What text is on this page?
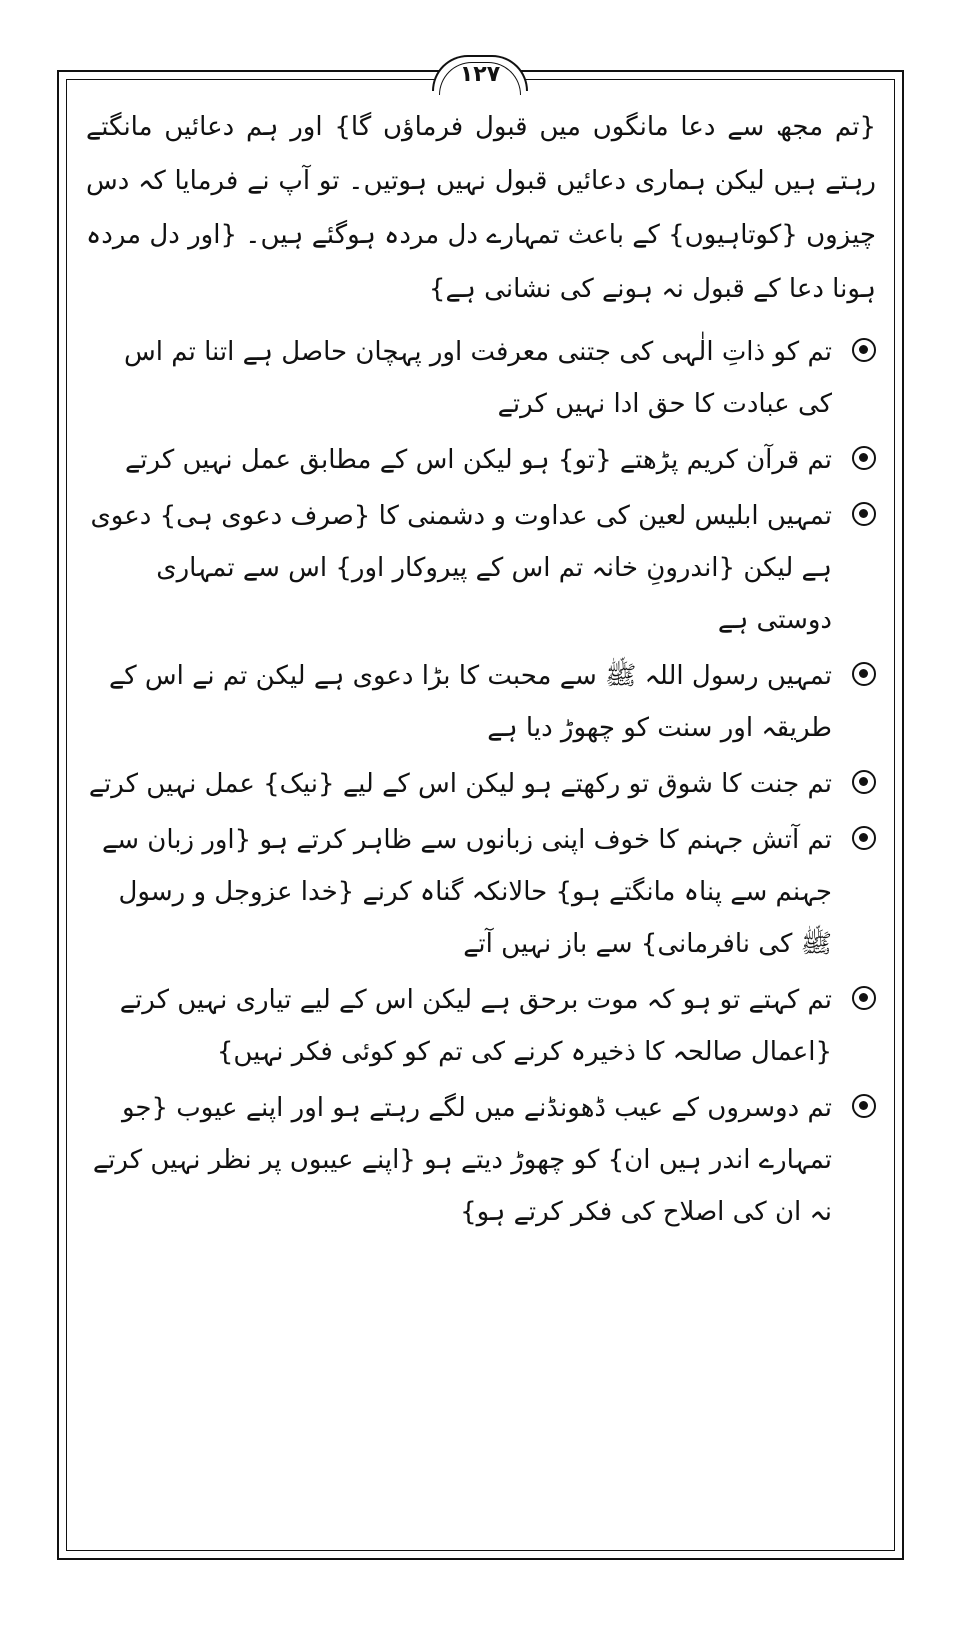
۱۲۷

{تم مجھ سے دعا مانگوں میں قبول فرماؤں گا} اور ہم دعائیں مانگتے رہتے ہیں لیکن ہماری دعائیں قبول نہیں ہوتیں۔ تو آپ نے فرمایا کہ دس چیزوں {کوتاہیوں} کے باعث تمہارے دل مردہ ہوگئے ہیں۔ {اور دل مردہ ہونا دعا کے قبول نہ ہونے کی نشانی ہے}

تم کو ذاتِ الٰہی کی جتنی معرفت اور پہچان حاصل ہے اتنا تم اس کی عبادت کا حق ادا نہیں کرتے
تم قرآن کریم پڑھتے {تو} ہو لیکن اس کے مطابق عمل نہیں کرتے
تمہیں ابلیس لعین کی عداوت و دشمنی کا {صرف دعوی ہی} دعوی ہے لیکن {اندرونِ خانہ تم اس کے پیروکار اور} اس سے تمہاری دوستی ہے
تمہیں رسول اللہ ﷺ سے محبت کا بڑا دعوی ہے لیکن تم نے اس کے طریقہ اور سنت کو چھوڑ دیا ہے
تم جنت کا شوق تو رکھتے ہو لیکن اس کے لیے {نیک} عمل نہیں کرتے
تم آتش جہنم کا خوف اپنی زبانوں سے ظاہر کرتے ہو {اور زبان سے جہنم سے پناہ مانگتے ہو} حالانکہ گناہ کرنے {خدا عزوجل و رسول ﷺ کی نافرمانی} سے باز نہیں آتے
تم کہتے تو ہو کہ موت برحق ہے لیکن اس کے لیے تیاری نہیں کرتے {اعمال صالحہ کا ذخیرہ کرنے کی تم کو کوئی فکر نہیں}
تم دوسروں کے عیب ڈھونڈنے میں لگے رہتے ہو اور اپنے عیوب {جو تمہارے اندر ہیں ان} کو چھوڑ دیتے ہو {اپنے عیبوں پر نظر نہیں کرتے نہ ان کی اصلاح کی فکر کرتے ہو}
